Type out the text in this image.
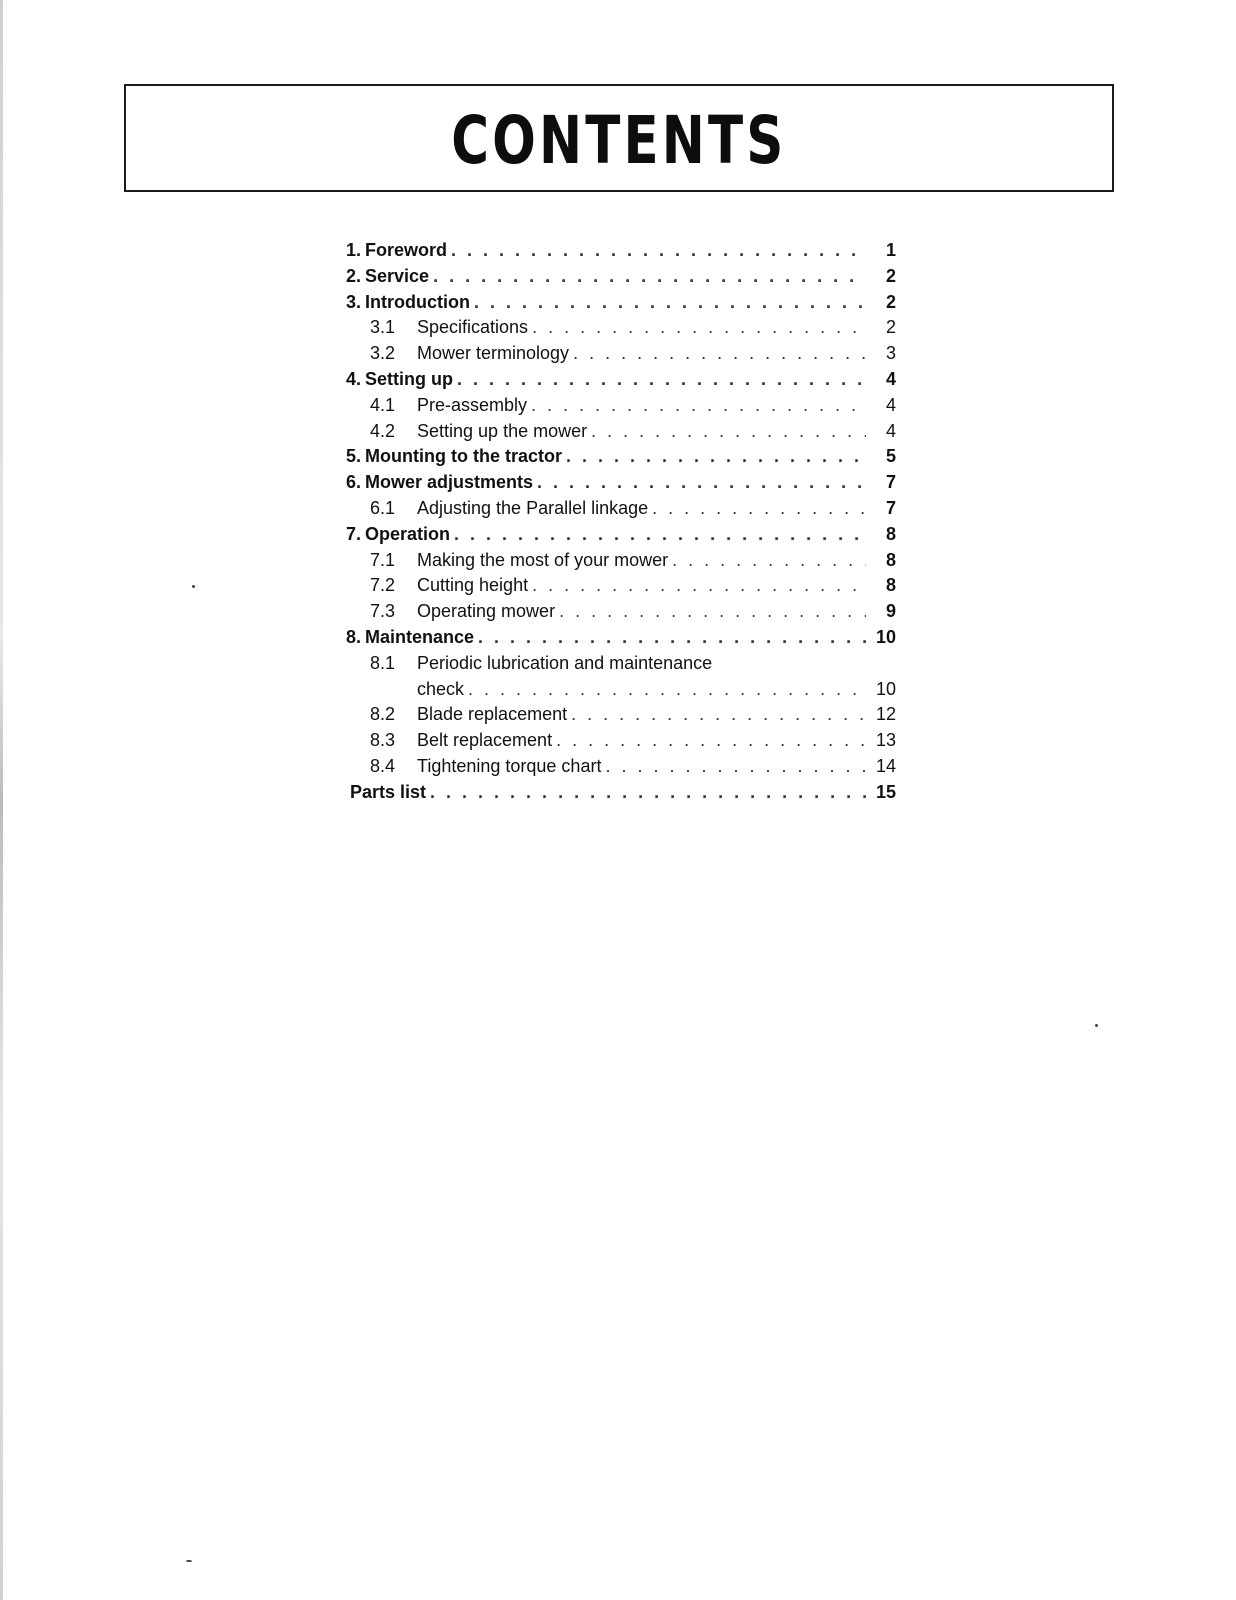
CONTENTS
1. Foreword . . .	1
2. Service . . .	2
3. Introduction . . .	2
3.1	Specifications . . .	2
3.2	Mower terminology . . .	3
4. Setting up . . .	4
4.1	Pre-assembly . . .	4
4.2	Setting up the mower . . .	4
5. Mounting to the tractor . . .	5
6. Mower adjustments . . .	7
6.1	Adjusting the Parallel linkage . . .	7
7. Operation . . .	8
7.1	Making the most of your mower . . .	8
7.2	Cutting height . . .	8
7.3	Operating mower . . .	9
8. Maintenance . . .	10
8.1	Periodic lubrication and maintenance
check . . .	10
8.2	Blade replacement . . .	12
8.3	Belt replacement . . .	13
8.4	Tightening torque chart . . .	14
Parts list . . .	15
